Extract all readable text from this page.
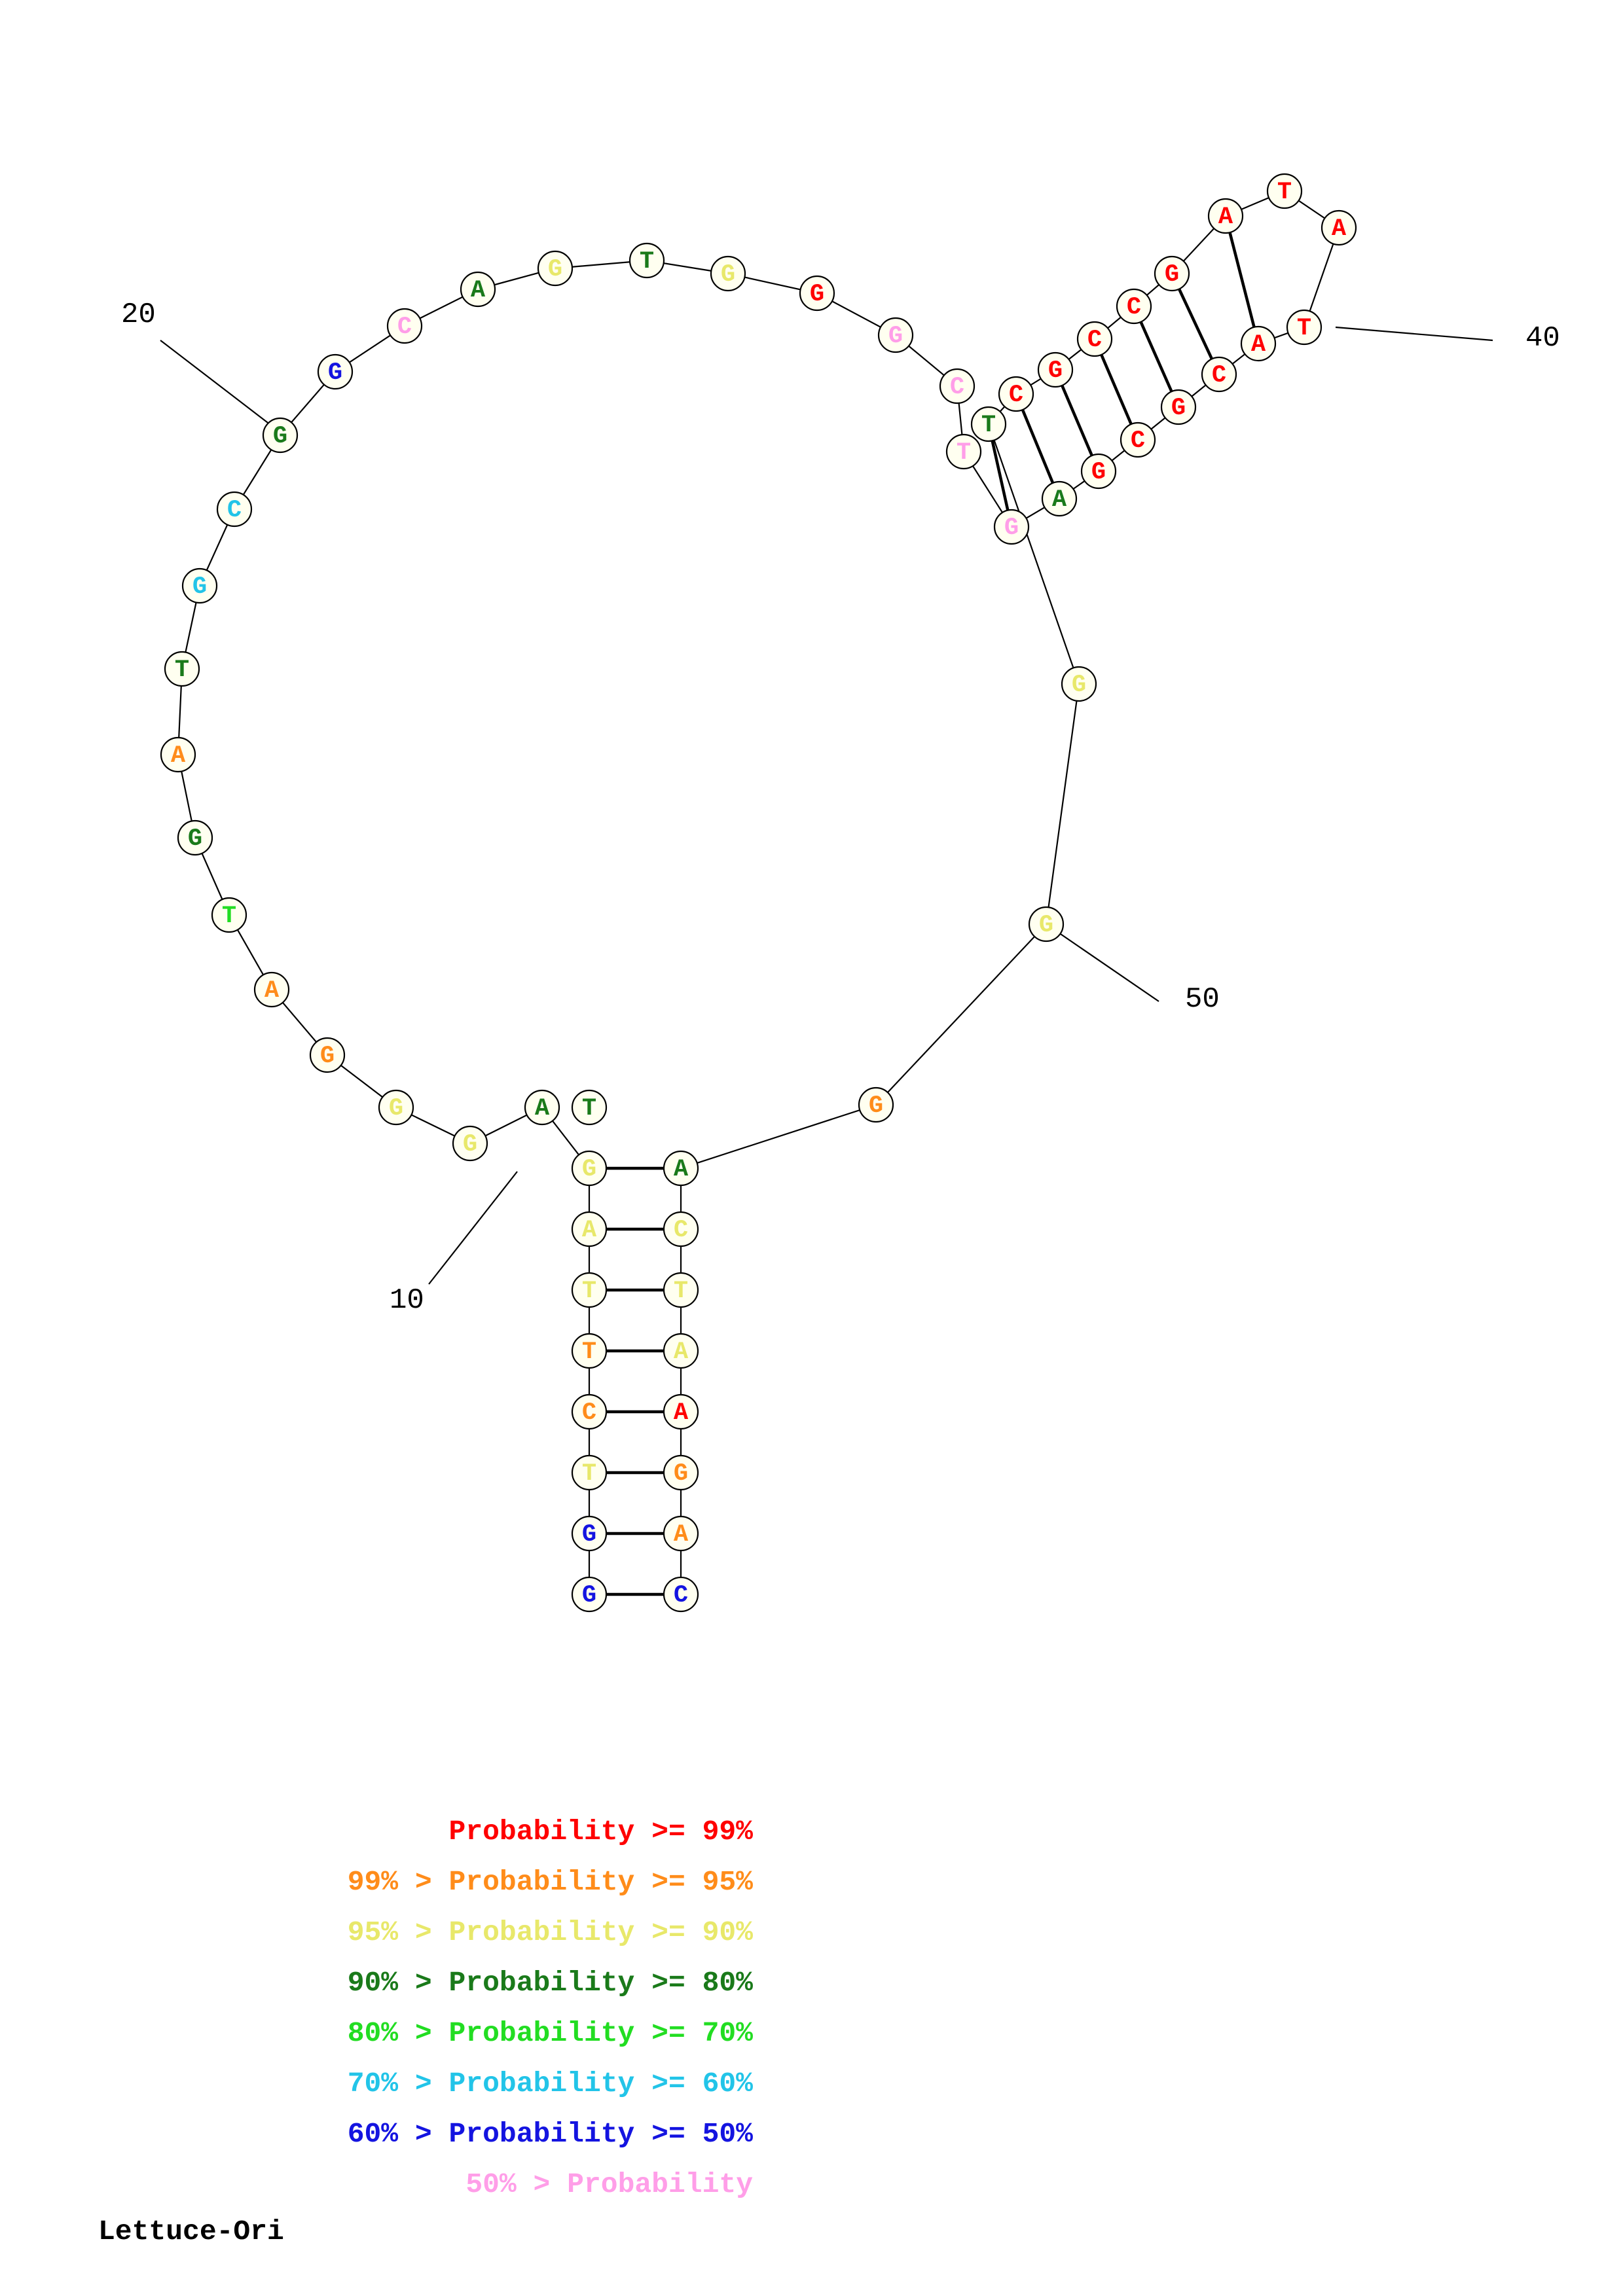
G
T
C
T
T
A
G
T
A
G
G
G
A
T
G
A
T
G
C
G
G
C
A
G	T	G
G
G
C
T
G
A
G
C
G
C
A
T
A
T
A
G
C
C
G
C
T
G
G
G
A
C
T
A
A
G
A
C
G
10
20
40
50
Probability >= 99%
99% > Probability >= 95%
95% > Probability >= 90%
90% > Probability >= 80%
80% > Probability >= 70%
70% > Probability >= 60%
60% > Probability >= 50%
50% > Probability
Lettuce-Ori
